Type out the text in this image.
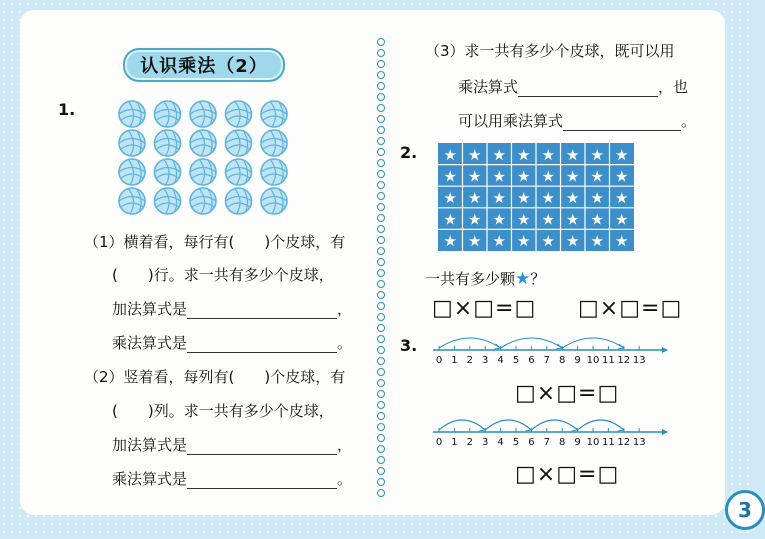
认识乘法（2）
1.
（1）横着看，每行有(　　)个皮球，有
(　　)行。求一共有多少个皮球，
加法算式是	，
乘法算式是	。
（2）竖着看，每列有(　　)个皮球，有
(　　)列。求一共有多少个皮球，
加法算式是	，
乘法算式是	。
（3）求一共有多少个皮球，既可以用
乘法算式	，也
可以用乘法算式	。
2. ★ ★ ★ ★ ★ ★ ★ ★
★ ★ ★ ★ ★ ★ ★ ★
★ ★ ★ ★ ★ ★ ★ ★
★ ★ ★ ★ ★ ★ ★ ★
★ ★ ★ ★ ★ ★ ★ ★
一共有多少颗★？
□×□=□ □×□=□
3.
0 1 2 3 4 5 6 7 8 9 10 11 12 13
□×□=□
0 1 2 3 4 5 6 7 8 9 10 11 12 13
□×□=□
3
